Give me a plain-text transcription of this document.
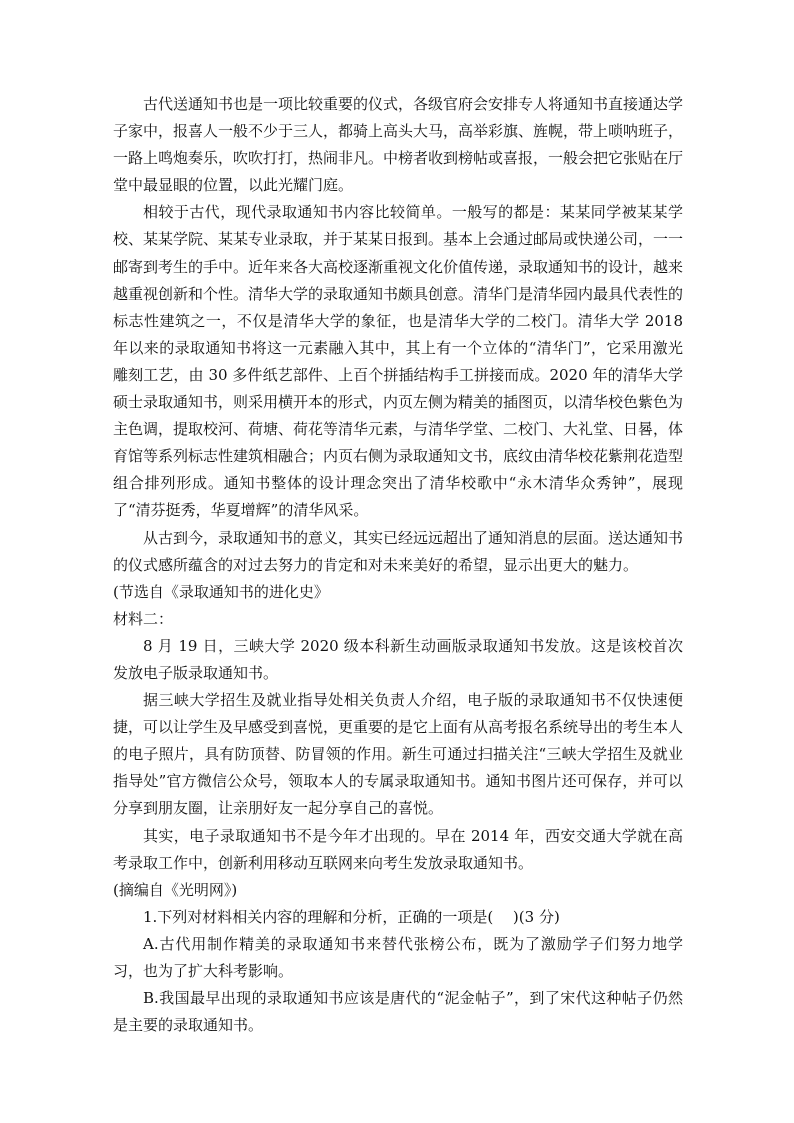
古代送通知书也是一项比较重要的仪式，各级官府会安排专人将通知书直接通达学子家中，报喜人一般不少于三人，都骑上高头大马，高举彩旗、旌幌，带上唢呐班子，一路上鸣炮奏乐，吹吹打打，热闹非凡。中榜者收到榜帖或喜报，一般会把它张贴在厅堂中最显眼的位置，以此光耀门庭。

相较于古代，现代录取通知书内容比较简单。一般写的都是：某某同学被某某学校、某某学院、某某专业录取，并于某某日报到。基本上会通过邮局或快递公司，一一邮寄到考生的手中。近年来各大高校逐渐重视文化价值传递，录取通知书的设计，越来越重视创新和个性。清华大学的录取通知书颇具创意。清华门是清华园内最具代表性的标志性建筑之一，不仅是清华大学的象征，也是清华大学的二校门。清华大学 2018 年以来的录取通知书将这一元素融入其中，其上有一个立体的“清华门”，它采用激光雕刻工艺，由 30 多件纸艺部件、上百个拼插结构手工拼接而成。2020 年的清华大学硕士录取通知书，则采用横开本的形式，内页左侧为精美的插图页，以清华校色紫色为主色调，提取校河、荷塘、荷花等清华元素，与清华学堂、二校门、大礼堂、日晷，体育馆等系列标志性建筑相融合；内页右侧为录取通知文书，底纹由清华校花紫荆花造型组合排列形成。通知书整体的设计理念突出了清华校歌中“永木清华众秀钟”，展现了“清芬挺秀，华夏增辉”的清华风采。

从古到今，录取通知书的意义，其实已经远远超出了通知消息的层面。送达通知书的仪式感所蕴含的对过去努力的肯定和对未来美好的希望，显示出更大的魅力。

(节选自《录取通知书的进化史》

材料二：

8 月 19 日，三峡大学 2020 级本科新生动画版录取通知书发放。这是该校首次发放电子版录取通知书。

据三峡大学招生及就业指导处相关负责人介绍，电子版的录取通知书不仅快速便捷，可以让学生及早感受到喜悦，更重要的是它上面有从高考报名系统导出的考生本人的电子照片，具有防顶替、防冒领的作用。新生可通过扫描关注“三峡大学招生及就业指导处”官方微信公众号，领取本人的专属录取通知书。通知书图片还可保存，并可以分享到朋友圈，让亲朋好友一起分享自己的喜悦。

其实，电子录取通知书不是今年才出现的。早在 2014 年，西安交通大学就在高考录取工作中，创新利用移动互联网来向考生发放录取通知书。

(摘编自《光明网》)

1.下列对材料相关内容的理解和分析，正确的一项是(　 )(3 分)

A.古代用制作精美的录取通知书来替代张榜公布，既为了激励学子们努力地学习，也为了扩大科考影响。

B.我国最早出现的录取通知书应该是唐代的“泥金帖子”，到了宋代这种帖子仍然是主要的录取通知书。
